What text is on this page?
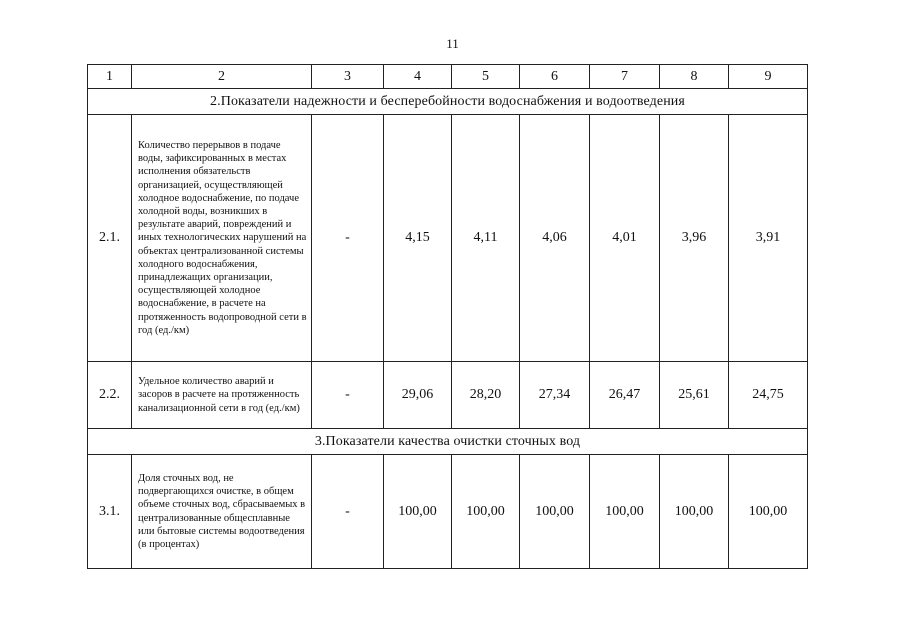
11
1	2	3	4	5	6	7	8	9
2.Показатели надежности и бесперебойности водоснабжения и водоотведения								
2.1.	Количество перерывов в подаче воды, зафиксированных в местах исполнения обязательств организацией, осуществляющей холодное водоснабжение, по подаче холодной воды, возникших в результате аварий, повреждений и иных технологических нарушений на объектах централизованной системы холодного водоснабжения, принадлежащих организации, осуществляющей холодное водоснабжение, в расчете на протяженность водопроводной сети в год (ед./км)	-	4,15	4,11	4,06	4,01	3,96	3,91
2.2.	Удельное количество аварий и засоров в расчете на протяженность канализационной сети в год (ед./км)	-	29,06	28,20	27,34	26,47	25,61	24,75
3.Показатели качества очистки сточных вод								
3.1.	Доля сточных вод, не подвергающихся очистке, в общем объеме сточных вод, сбрасываемых в централизованные общесплавные или бытовые системы водоотведения (в процентах)	-	100,00	100,00	100,00	100,00	100,00	100,00
